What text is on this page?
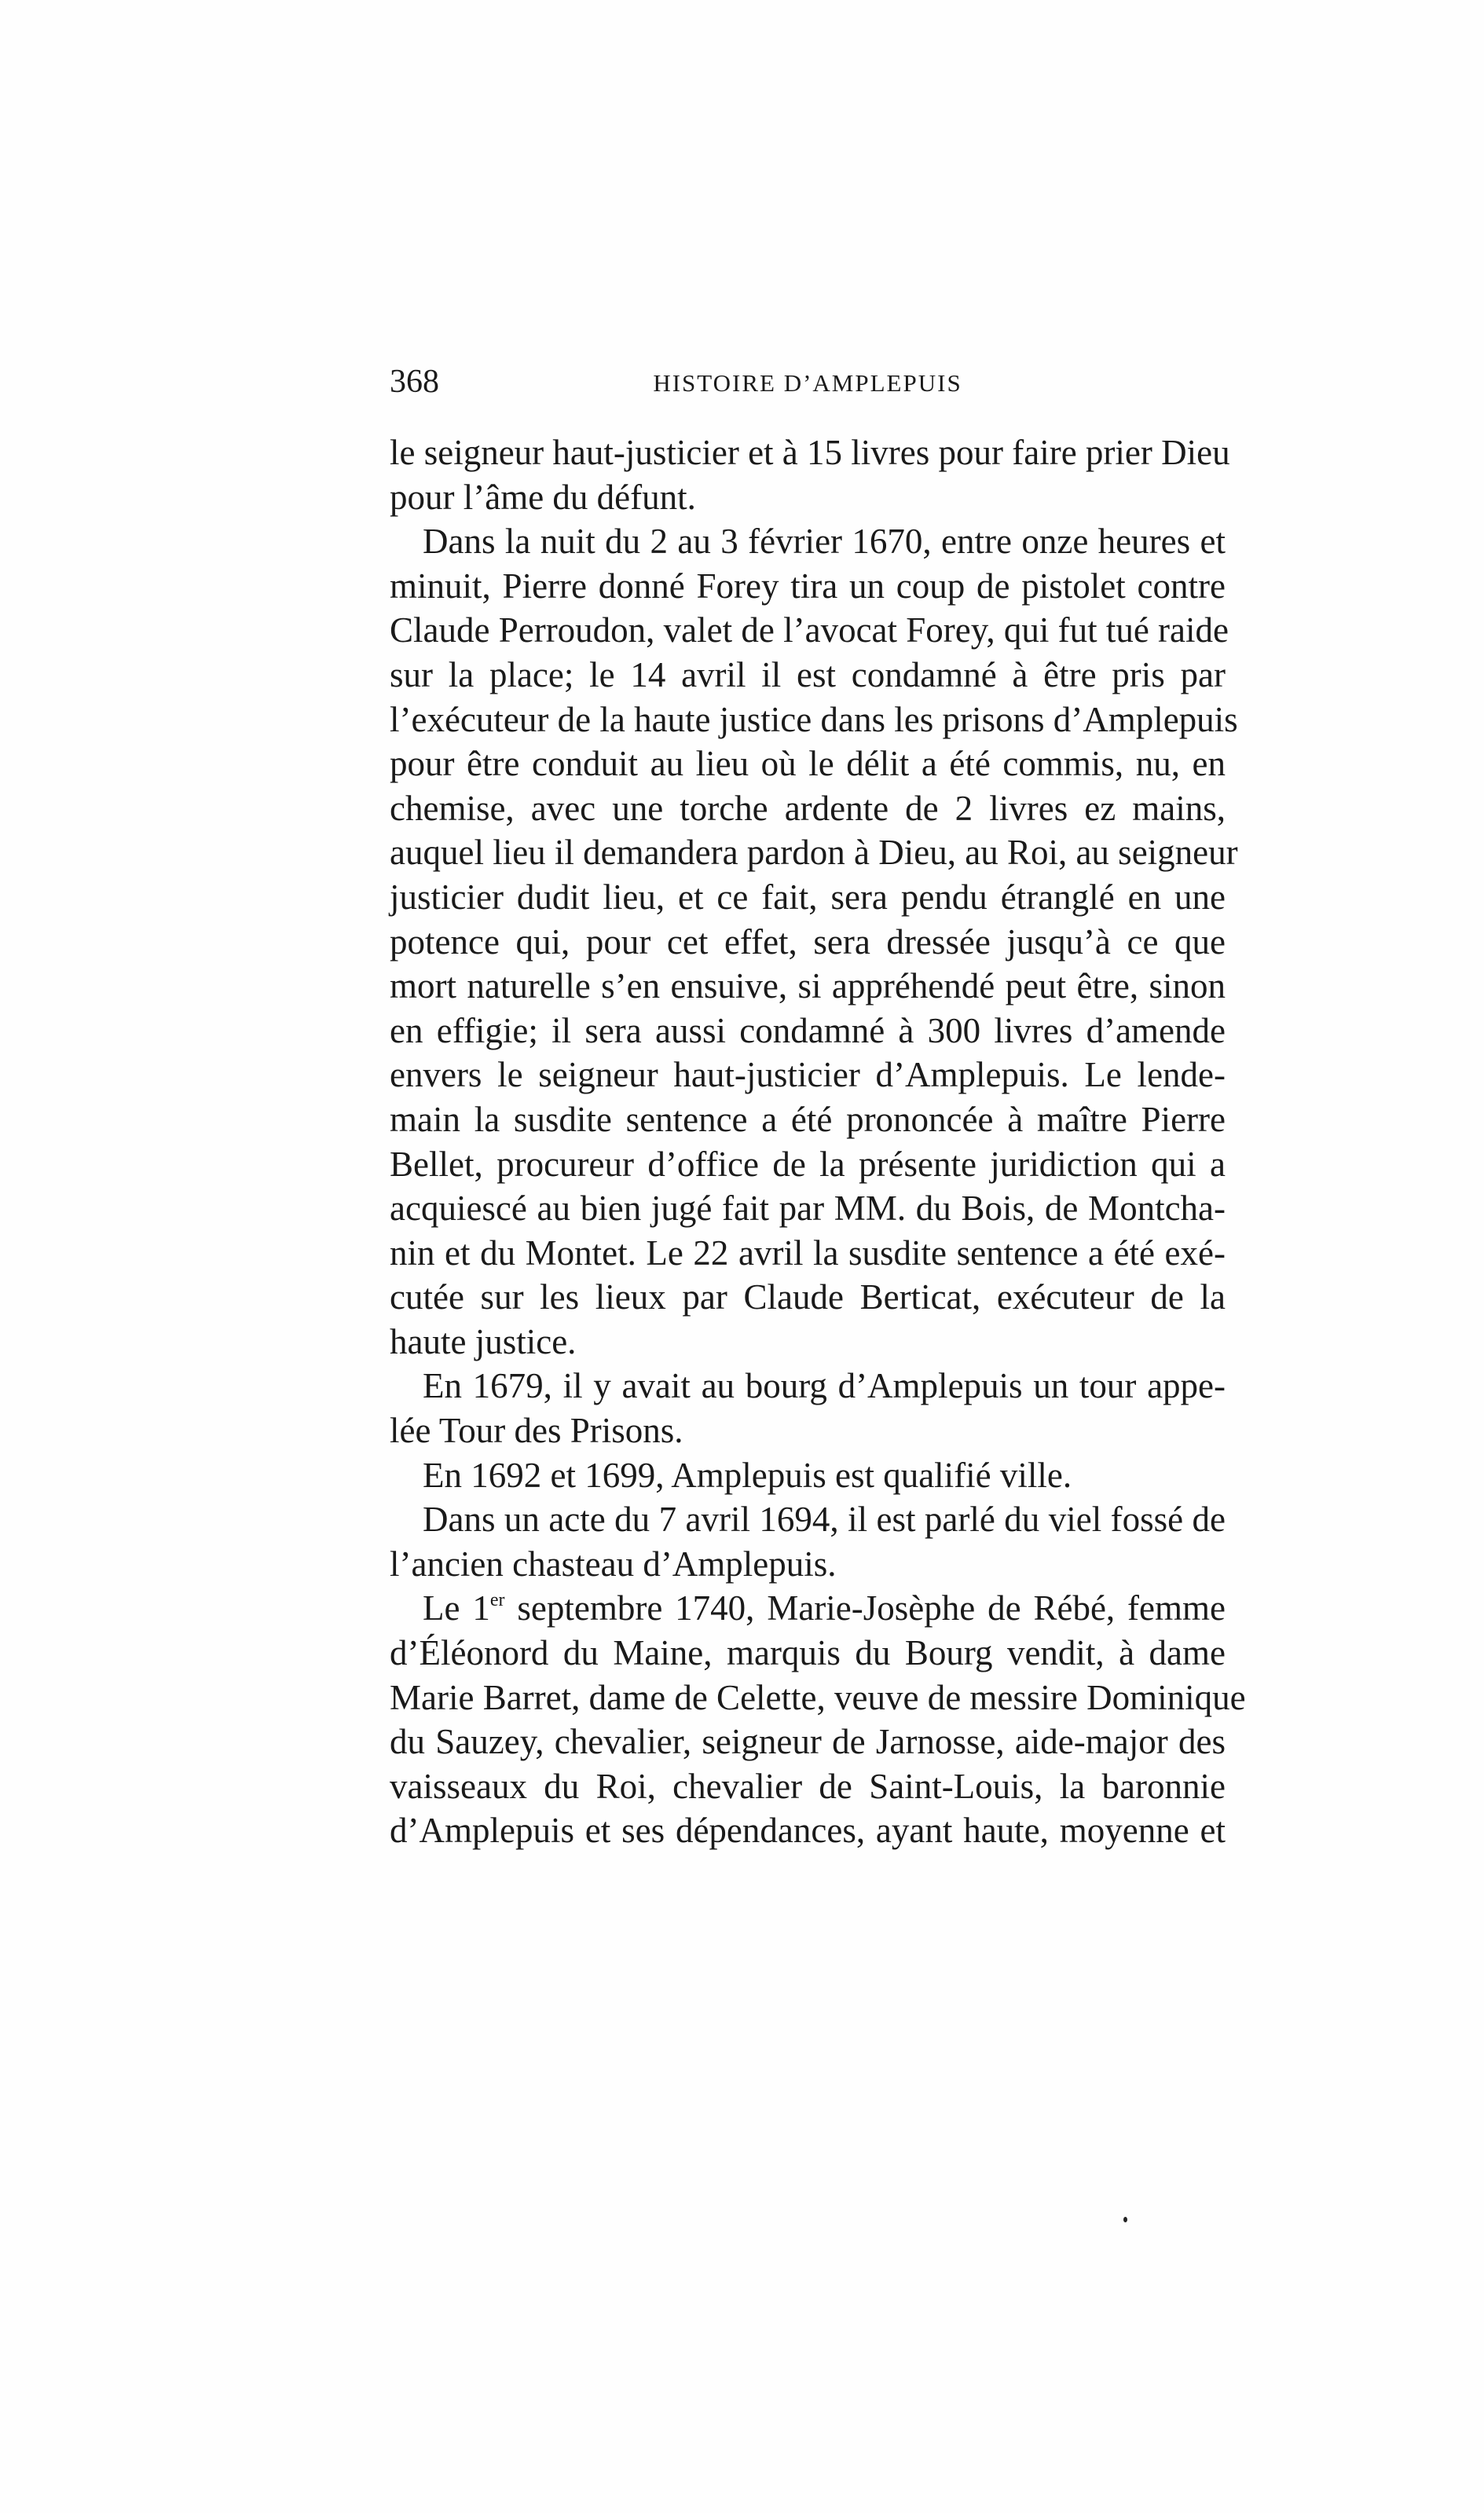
368	HISTOIRE D’AMPLEPUIS
le seigneur haut-justicier et à 15 livres pour faire prier Dieu
pour l’âme du défunt.
Dans la nuit du 2 au 3 février 1670, entre onze heures et
minuit, Pierre donné Forey tira un coup de pistolet contre
Claude Perroudon, valet de l’avocat Forey, qui fut tué raide
sur la place; le 14 avril il est condamné à être pris par
l’exécuteur de la haute justice dans les prisons d’Amplepuis
pour être conduit au lieu où le délit a été commis, nu, en
chemise, avec une torche ardente de 2 livres ez mains,
auquel lieu il demandera pardon à Dieu, au Roi, au seigneur
justicier dudit lieu, et ce fait, sera pendu étranglé en une
potence qui, pour cet effet, sera dressée jusqu’à ce que
mort naturelle s’en ensuive, si appréhendé peut être, sinon
en effigie; il sera aussi condamné à 300 livres d’amende
envers le seigneur haut-justicier d’Amplepuis. Le lende-
main la susdite sentence a été prononcée à maître Pierre
Bellet, procureur d’office de la présente juridiction qui a
acquiescé au bien jugé fait par MM. du Bois, de Montcha-
nin et du Montet. Le 22 avril la susdite sentence a été exé-
cutée sur les lieux par Claude Berticat, exécuteur de la
haute justice.
En 1679, il y avait au bourg d’Amplepuis un tour appe-
lée Tour des Prisons.
En 1692 et 1699, Amplepuis est qualifié ville.
Dans un acte du 7 avril 1694, il est parlé du viel fossé de
l’ancien chasteau d’Amplepuis.
Le 1er septembre 1740, Marie-Josèphe de Rébé, femme
d’Éléonord du Maine, marquis du Bourg vendit, à dame
Marie Barret, dame de Celette, veuve de messire Dominique
du Sauzey, chevalier, seigneur de Jarnosse, aide-major des
vaisseaux du Roi, chevalier de Saint-Louis, la baronnie
d’Amplepuis et ses dépendances, ayant haute, moyenne et
